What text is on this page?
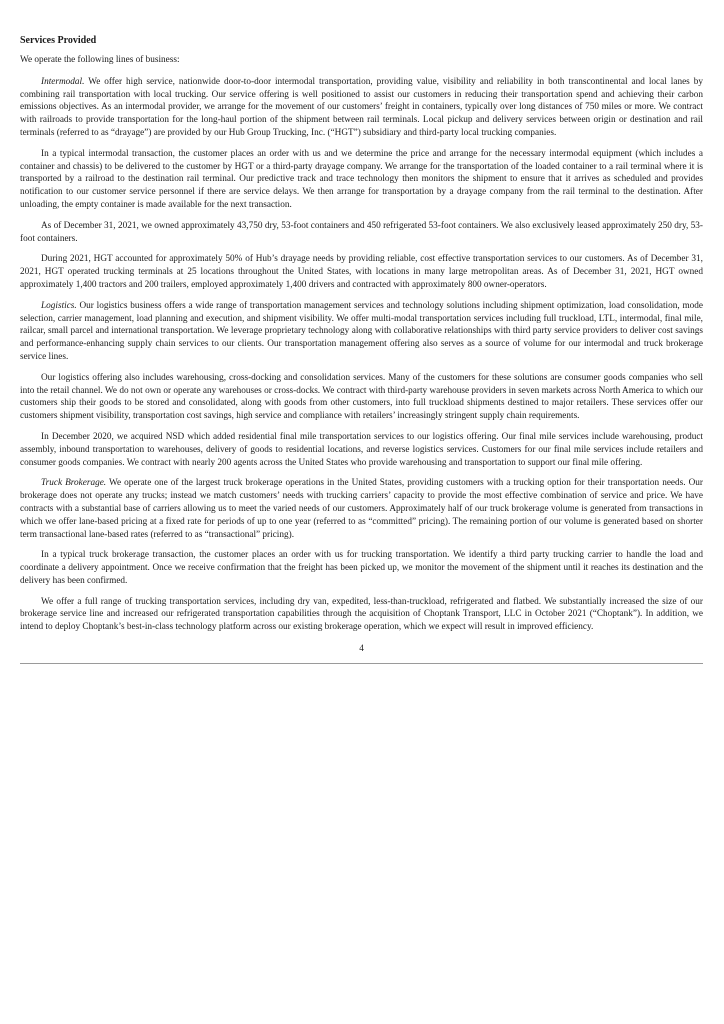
Services Provided

We operate the following lines of business:

Intermodal. We offer high service, nationwide door-to-door intermodal transportation, providing value, visibility and reliability in both transcontinental and local lanes by combining rail transportation with local trucking. Our service offering is well positioned to assist our customers in reducing their transportation spend and achieving their carbon emissions objectives. As an intermodal provider, we arrange for the movement of our customers’ freight in containers, typically over long distances of 750 miles or more. We contract with railroads to provide transportation for the long-haul portion of the shipment between rail terminals. Local pickup and delivery services between origin or destination and rail terminals (referred to as “drayage”) are provided by our Hub Group Trucking, Inc. (“HGT”) subsidiary and third-party local trucking companies.

In a typical intermodal transaction, the customer places an order with us and we determine the price and arrange for the necessary intermodal equipment (which includes a container and chassis) to be delivered to the customer by HGT or a third-party drayage company. We arrange for the transportation of the loaded container to a rail terminal where it is transported by a railroad to the destination rail terminal. Our predictive track and trace technology then monitors the shipment to ensure that it arrives as scheduled and provides notification to our customer service personnel if there are service delays. We then arrange for transportation by a drayage company from the rail terminal to the destination. After unloading, the empty container is made available for the next transaction.

As of December 31, 2021, we owned approximately 43,750 dry, 53-foot containers and 450 refrigerated 53-foot containers. We also exclusively leased approximately 250 dry, 53-foot containers.

During 2021, HGT accounted for approximately 50% of Hub’s drayage needs by providing reliable, cost effective transportation services to our customers. As of December 31, 2021, HGT operated trucking terminals at 25 locations throughout the United States, with locations in many large metropolitan areas. As of December 31, 2021, HGT owned approximately 1,400 tractors and 200 trailers, employed approximately 1,400 drivers and contracted with approximately 800 owner-operators.

Logistics. Our logistics business offers a wide range of transportation management services and technology solutions including shipment optimization, load consolidation, mode selection, carrier management, load planning and execution, and shipment visibility. We offer multi-modal transportation services including full truckload, LTL, intermodal, final mile, railcar, small parcel and international transportation. We leverage proprietary technology along with collaborative relationships with third party service providers to deliver cost savings and performance-enhancing supply chain services to our clients. Our transportation management offering also serves as a source of volume for our intermodal and truck brokerage service lines.

Our logistics offering also includes warehousing, cross-docking and consolidation services. Many of the customers for these solutions are consumer goods companies who sell into the retail channel. We do not own or operate any warehouses or cross-docks. We contract with third-party warehouse providers in seven markets across North America to which our customers ship their goods to be stored and consolidated, along with goods from other customers, into full truckload shipments destined to major retailers. These services offer our customers shipment visibility, transportation cost savings, high service and compliance with retailers’ increasingly stringent supply chain requirements.

In December 2020, we acquired NSD which added residential final mile transportation services to our logistics offering. Our final mile services include warehousing, product assembly, inbound transportation to warehouses, delivery of goods to residential locations, and reverse logistics services. Customers for our final mile services include retailers and consumer goods companies. We contract with nearly 200 agents across the United States who provide warehousing and transportation to support our final mile offering.

Truck Brokerage. We operate one of the largest truck brokerage operations in the United States, providing customers with a trucking option for their transportation needs. Our brokerage does not operate any trucks; instead we match customers’ needs with trucking carriers’ capacity to provide the most effective combination of service and price. We have contracts with a substantial base of carriers allowing us to meet the varied needs of our customers. Approximately half of our truck brokerage volume is generated from transactions in which we offer lane-based pricing at a fixed rate for periods of up to one year (referred to as “committed” pricing). The remaining portion of our volume is generated based on shorter term transactional lane-based rates (referred to as “transactional” pricing).

In a typical truck brokerage transaction, the customer places an order with us for trucking transportation. We identify a third party trucking carrier to handle the load and coordinate a delivery appointment. Once we receive confirmation that the freight has been picked up, we monitor the movement of the shipment until it reaches its destination and the delivery has been confirmed.

We offer a full range of trucking transportation services, including dry van, expedited, less-than-truckload, refrigerated and flatbed. We substantially increased the size of our brokerage service line and increased our refrigerated transportation capabilities through the acquisition of Choptank Transport, LLC in October 2021 (“Choptank”). In addition, we intend to deploy Choptank’s best-in-class technology platform across our existing brokerage operation, which we expect will result in improved efficiency.

4
